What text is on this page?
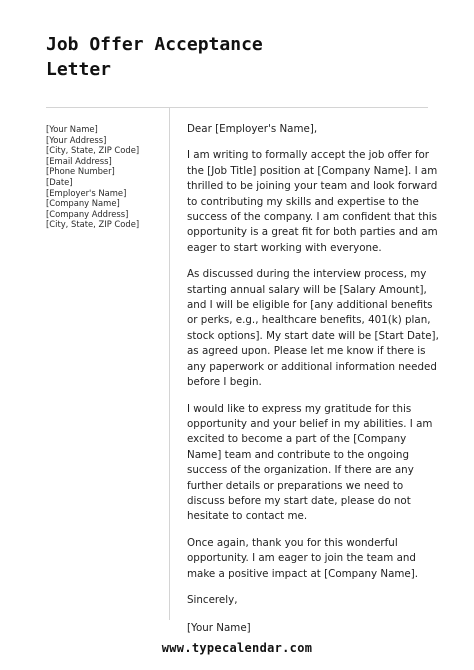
Job Offer Acceptance
Letter
[Your Name]
[Your Address]
[City, State, ZIP Code]
[Email Address]
[Phone Number]
[Date]
[Employer's Name]
[Company Name]
[Company Address]
[City, State, ZIP Code]

Dear [Employer's Name],

I am writing to formally accept the job offer for the [Job Title] position at [Company Name]. I am thrilled to be joining your team and look forward to contributing my skills and expertise to the success of the company. I am confident that this opportunity is a great fit for both parties and am eager to start working with everyone.

As discussed during the interview process, my starting annual salary will be [Salary Amount], and I will be eligible for [any additional benefits or perks, e.g., healthcare benefits, 401(k) plan, stock options]. My start date will be [Start Date], as agreed upon. Please let me know if there is any paperwork or additional information needed before I begin.

I would like to express my gratitude for this opportunity and your belief in my abilities. I am excited to become a part of the [Company Name] team and contribute to the ongoing success of the organization. If there are any further details or preparations we need to discuss before my start date, please do not hesitate to contact me.

Once again, thank you for this wonderful opportunity. I am eager to join the team and make a positive impact at [Company Name].

Sincerely,

[Your Name]

www.typecalendar.com
